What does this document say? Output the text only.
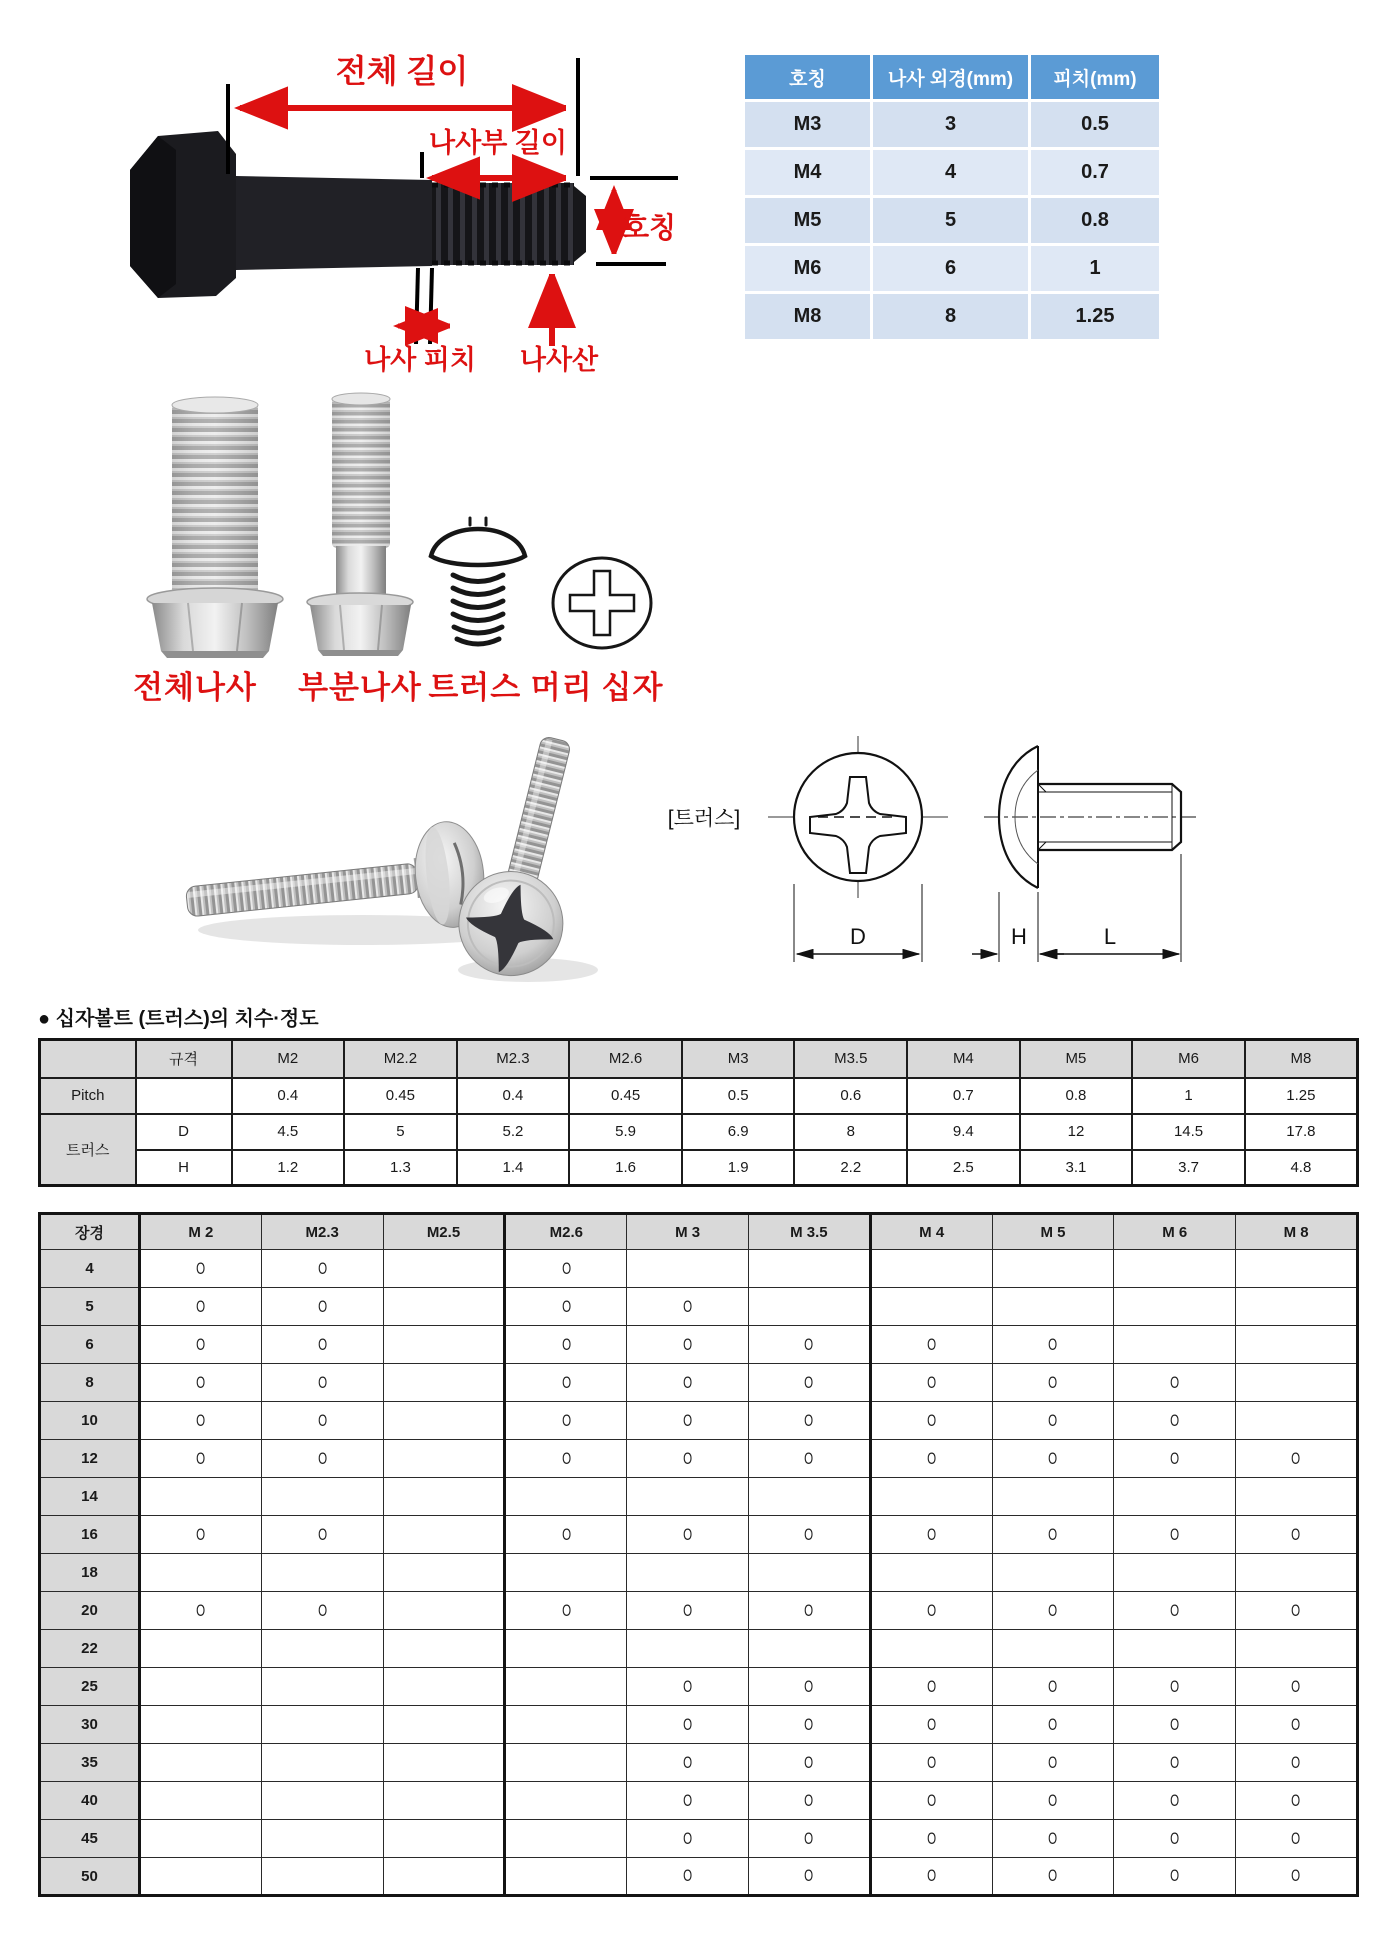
전체 길이
나사부 길이
호칭
나사 피치 나사산
호칭	나사 외경(mm)	피치(mm)
M3	3	0.5
M4	4	0.7
M5	5	0.8
M6	6	1
M8	8	1.25
전체나사	부분나사 트러스 머리 십자
[트러스]
D	H	L
● 십자볼트 (트러스)의 치수·정도
	규격	M2	M2.2	M2.3	M2.6	M3	M3.5	M4	M5	M6	M8
Pitch		0.4	0.45	0.4	0.45	0.5	0.6	0.7	0.8	1	1.25
트러스	D	4.5	5	5.2	5.9	6.9	8	9.4	12	14.5	17.8
	H	1.2	1.3	1.4	1.6	1.9	2.2	2.5	3.1	3.7	4.8
장경	M 2	M2.3	M2.5	M2.6	M 3	M 3.5	M 4	M 5	M 6	M 8
4	O	O		O						
5	O	O		O	O					
6	O	O		O	O	O	O	O		
8	O	O		O	O	O	O	O	O	
10	O	O		O	O	O	O	O	O	
12	O	O		O	O	O	O	O	O	O
14										
16	O	O		O	O	O	O	O	O	O
18										
20	O	O		O	O	O	O	O	O	O
22										
25					O	O	O	O	O	O
30					O	O	O	O	O	O
35					O	O	O	O	O	O
40					O	O	O	O	O	O
45					O	O	O	O	O	O
50					O	O	O	O	O	O
